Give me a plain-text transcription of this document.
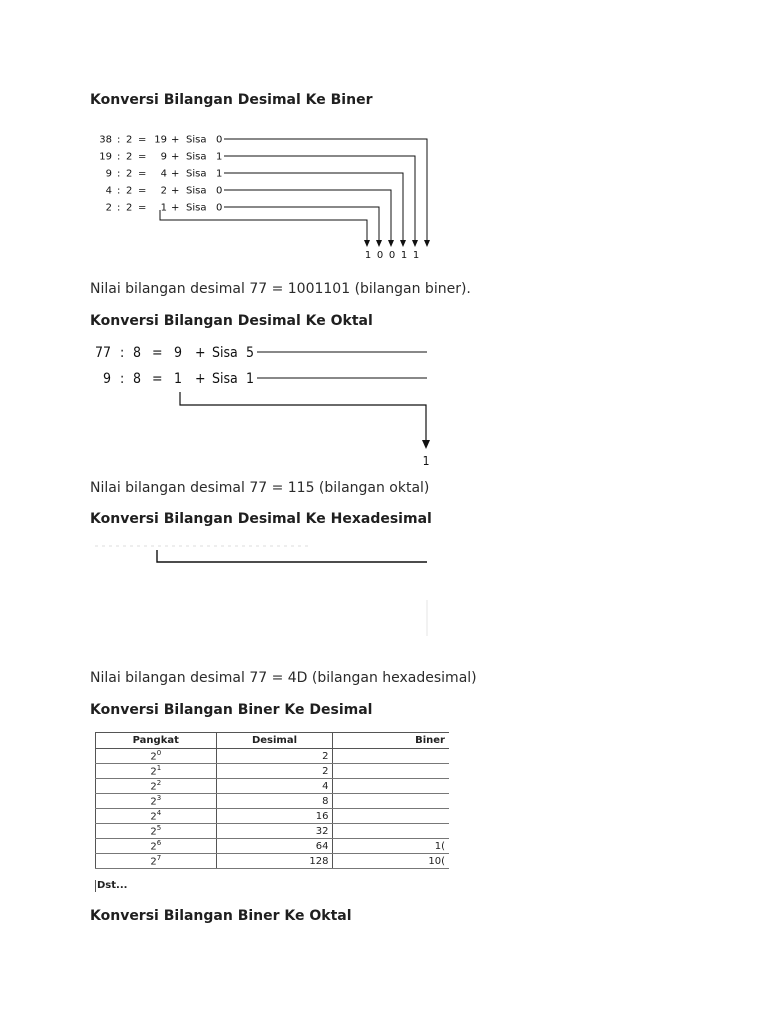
Konversi Bilangan Desimal Ke Biner
38 : 2 = 19 + Sisa 0
19 : 2 = 9 + Sisa 1
9 : 2 = 4 + Sisa 1
4 : 2 = 2 + Sisa 0
2 : 2 = 1 + Sisa 0
1 0 0 1 1

Nilai bilangan desimal 77 = 1001101 (bilangan biner).

Konversi Bilangan Desimal Ke Oktal
77 : 8 = 9 + Sisa 5
9 : 8 = 1 + Sisa 1
1

Nilai bilangan desimal 77 = 115 (bilangan oktal)

Konversi Bilangan Desimal Ke Hexadesimal

Nilai bilangan desimal 77 = 4D (bilangan hexadesimal)

Konversi Bilangan Biner Ke Desimal
Pangkat	Desimal	Biner
$2^0$	2	
$2^1$	2	
$2^2$	4	
$2^3$	8	
$2^4$	16	
$2^5$	32	
$2^6$	64	1(
$2^7$	128	10(
Dst...
Konversi Bilangan Biner Ke Oktal
